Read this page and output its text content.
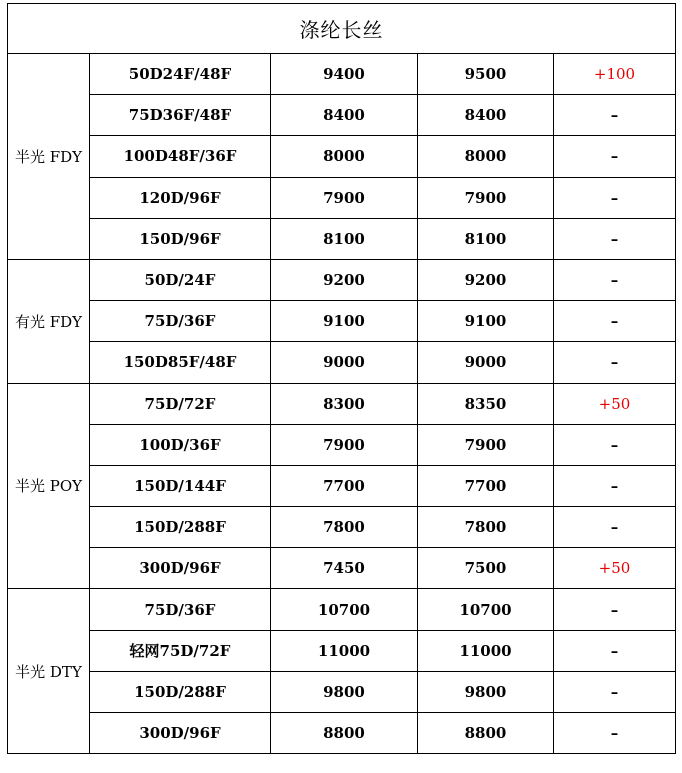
涤纶长丝				
半光 FDY	50D24F/48F	9400	9500	+100
	75D36F/48F	8400	8400	–
	100D48F/36F	8000	8000	–
	120D/96F	7900	7900	–
	150D/96F	8100	8100	–
有光 FDY	50D/24F	9200	9200	–
	75D/36F	9100	9100	–
	150D85F/48F	9000	9000	–
半光 POY	75D/72F	8300	8350	+50
	100D/36F	7900	7900	–
	150D/144F	7700	7700	–
	150D/288F	7800	7800	–
	300D/96F	7450	7500	+50
半光 DTY	75D/36F	10700	10700	–
	轻网75D/72F	11000	11000	–
	150D/288F	9800	9800	–
	300D/96F	8800	8800	–
